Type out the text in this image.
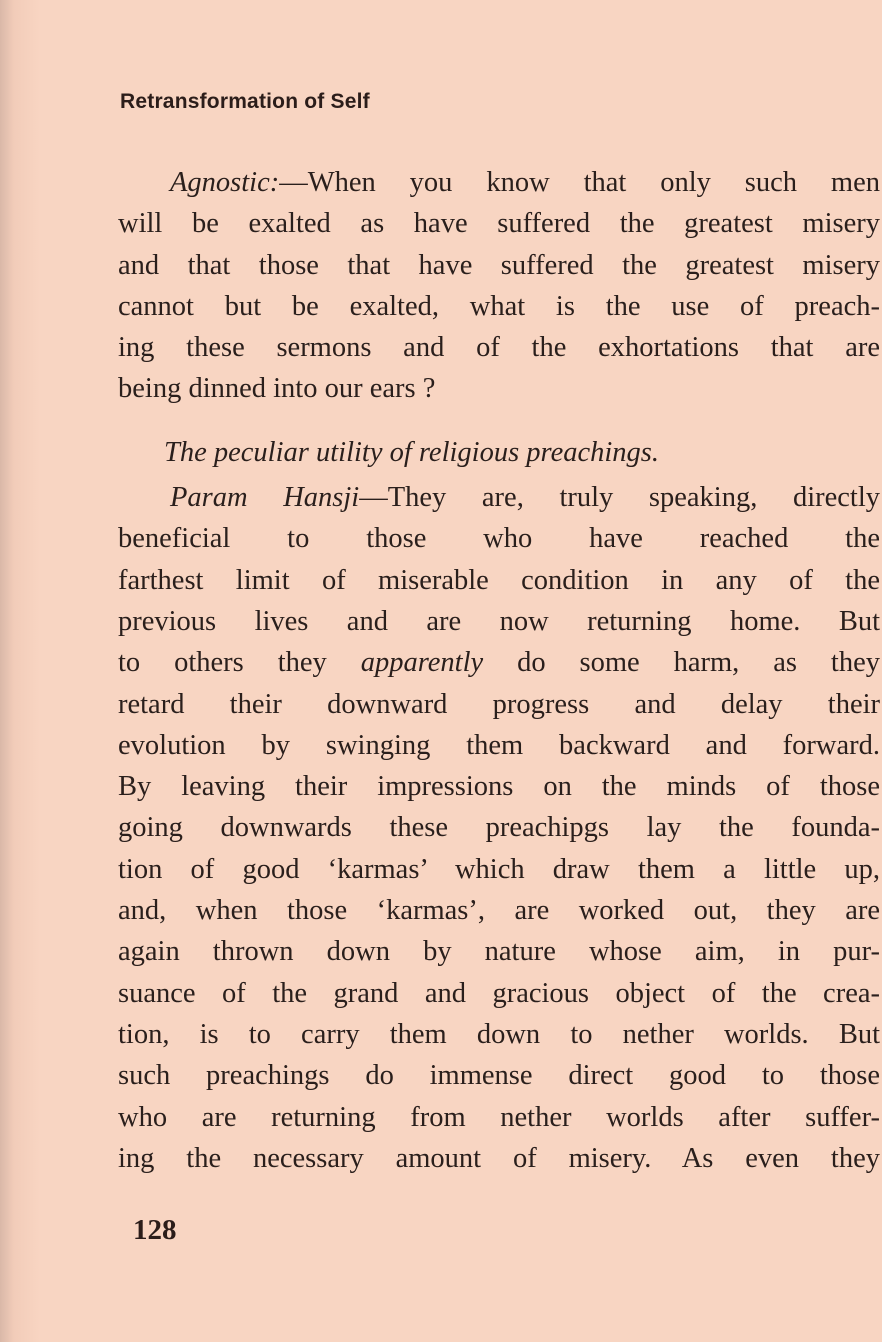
Retransformation of Self
Agnostic:—When you know that only such men
will be exalted as have suffered the greatest misery
and that those that have suffered the greatest misery
cannot but be exalted, what is the use of preach-
ing these sermons and of the exhortations that are
being dinned into our ears ?
The peculiar utility of religious preachings.
Param Hansji—They are, truly speaking, directly
beneficial to those who have reached the
farthest limit of miserable condition in any of the
previous lives and are now returning home. But
to others they apparently do some harm, as they
retard their downward progress and delay their
evolution by swinging them backward and forward.
By leaving their impressions on the minds of those
going downwards these preachipgs lay the founda-
tion of good ‘karmas’ which draw them a little up,
and, when those ‘karmas’, are worked out, they are
again thrown down by nature whose aim, in pur-
suance of the grand and gracious object of the crea-
tion, is to carry them down to nether worlds. But
such preachings do immense direct good to those
who are returning from nether worlds after suffer-
ing the necessary amount of misery. As even they
128
